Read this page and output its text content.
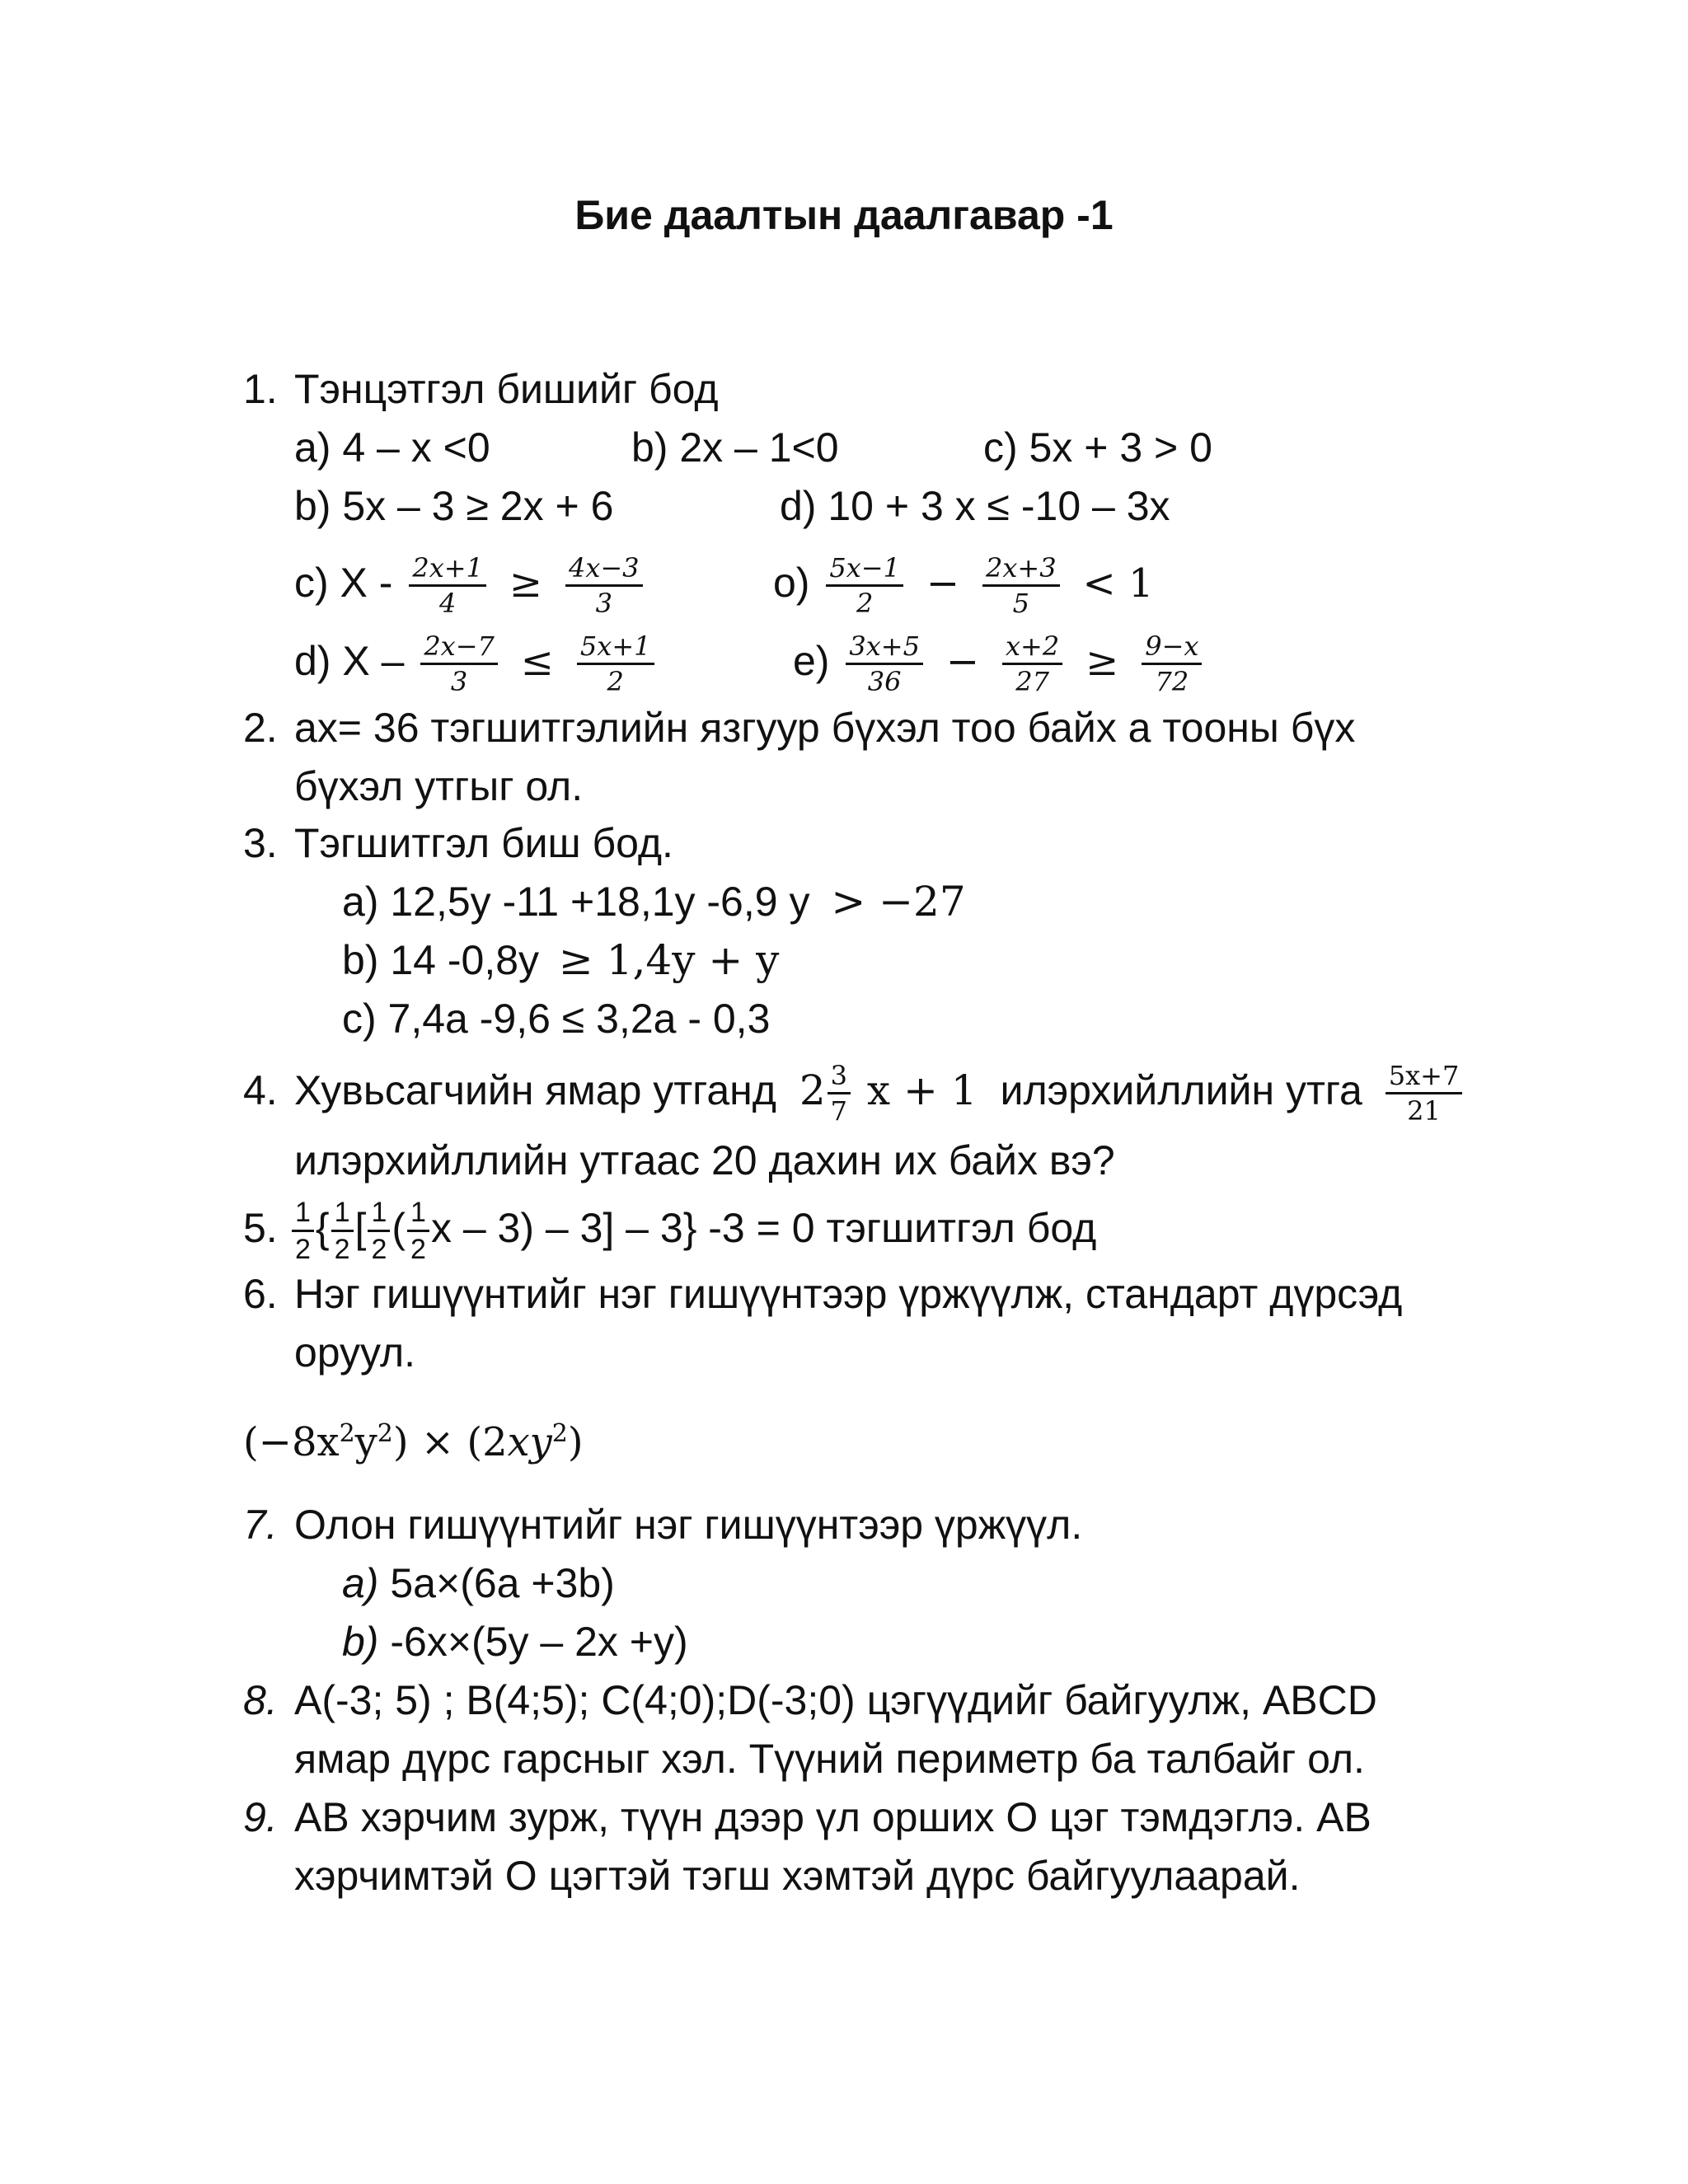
Бие даалтын даалгавар -1
1. Тэнцэтгэл бишийг бод
a) 4 – x <0	b) 2x – 1<0	c) 5x + 3 > 0
b) 5x – 3 ≥ 2x + 6	d) 10 + 3 x ≤ -10 – 3x
c) $X - \frac{2x+1}{4} \ge \frac{4x-3}{3}$	$o) \frac{5x-1}{2} - \frac{2x+3}{5} < 1$
d) $X - \frac{2x-7}{3} \le \frac{5x+1}{2}$	$e) \frac{3x+5}{36} - \frac{x+2}{27} \ge \frac{9-x}{72}$
2. ax= 36 тэгшитгэлийн язгуур бүхэл тоо байх а тооны бүх
бүхэл утгыг ол.
3. Тэгшитгэл биш бод.
a) 12,5y -11 +18,1y -6,9 y > −27
b) 14 -0,8y ≥ 1,4y + y
c) 7,4a -9,6 ≤ 3,2a - 0,3
4. Хувьсагчийн ямар утганд $2 \frac{3}{7}$ x + 1 илэрхийллийн утга $\frac{5x+7}{21}$
илэрхийллийн утгаас 20 дахин их байх вэ?
5. $\frac{1}{2}$ { $\frac{1}{2}$ [ $\frac{1}{2}$ ( $\frac{1}{2}$ x – 3) – 3] – 3} -3 = 0 тэгшитгэл бод
6. Нэг гишүүнтийг нэг гишүүнтээр үржүүлж, стандарт дүрсэд
оруул.
$(-8x^2y^2) \times (2xy^2)$
7. Олон гишүүнтийг нэг гишүүнтээр үржүүл.
a) 5a×(6a +3b)
b) -6x×(5y – 2x +y)
8. A(-3; 5) ; B(4;5); C(4;0);D(-3;0) цэгүүдийг байгуулж, ABCD
ямар дүрс гарсныг хэл. Түүний периметр ба талбайг ол.
9. AB хэрчим зурж, түүн дээр үл орших O цэг тэмдэглэ. AB
хэрчимтэй O цэгтэй тэгш хэмтэй дүрс байгуулаарай.
